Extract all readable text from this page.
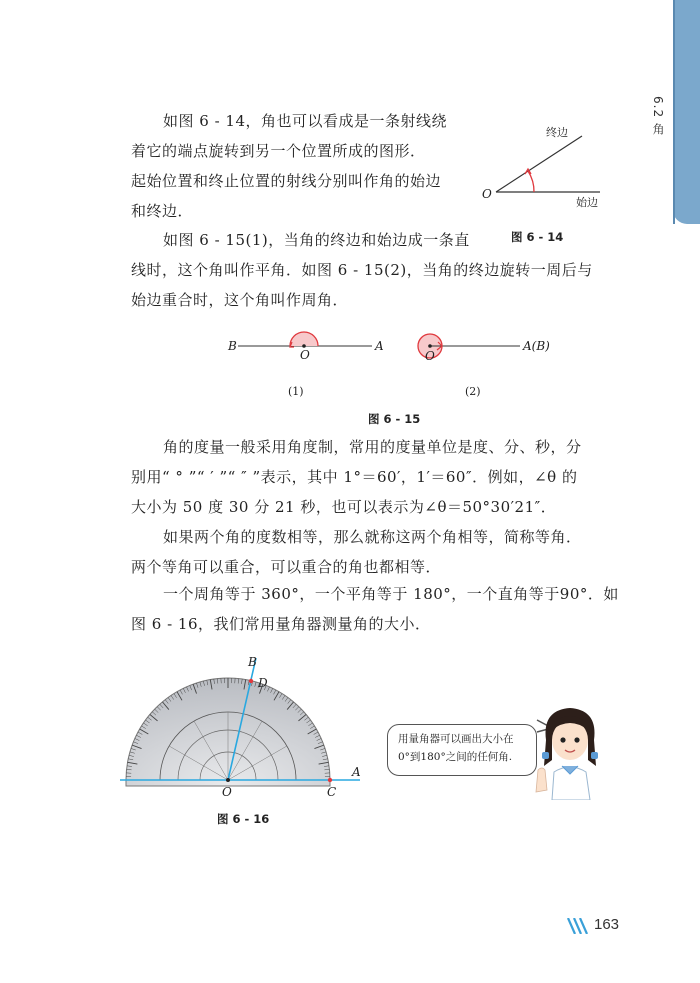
6.2 角

如图 6 - 14，角也可以看成是一条射线绕

着它的端点旋转到另一个位置所成的图形．

起始位置和终止位置的射线分别叫作角的始边

和终边．

终边
始边
O
图 6 - 14

如图 6 - 15(1)，当角的终边和始边成一条直

线时，这个角叫作平角．如图 6 - 15(2)，当角的终边旋转一周后与

始边重合时，这个角叫作周角．

B	A
O
(1)
O
A(B)
(2)
图 6 - 15

角的度量一般采用角度制，常用的度量单位是度、分、秒，分

别用“ ° ”“ ′ ”“ ″ ”表示，其中 1°＝60′，1′＝60″．例如，∠θ 的

大小为 50 度 30 分 21 秒，也可以表示为∠θ＝50°30′21″．

如果两个角的度数相等，那么就称这两个角相等，简称等角．

两个等角可以重合，可以重合的角也都相等．

一个周角等于 360°，一个平角等于 180°，一个直角等于90°．如

图 6 - 16，我们常用量角器测量角的大小．

B
D
O	C
A
图 6 - 16
用量角器可以画出大小在
0°到180°之间的任何角.
163
